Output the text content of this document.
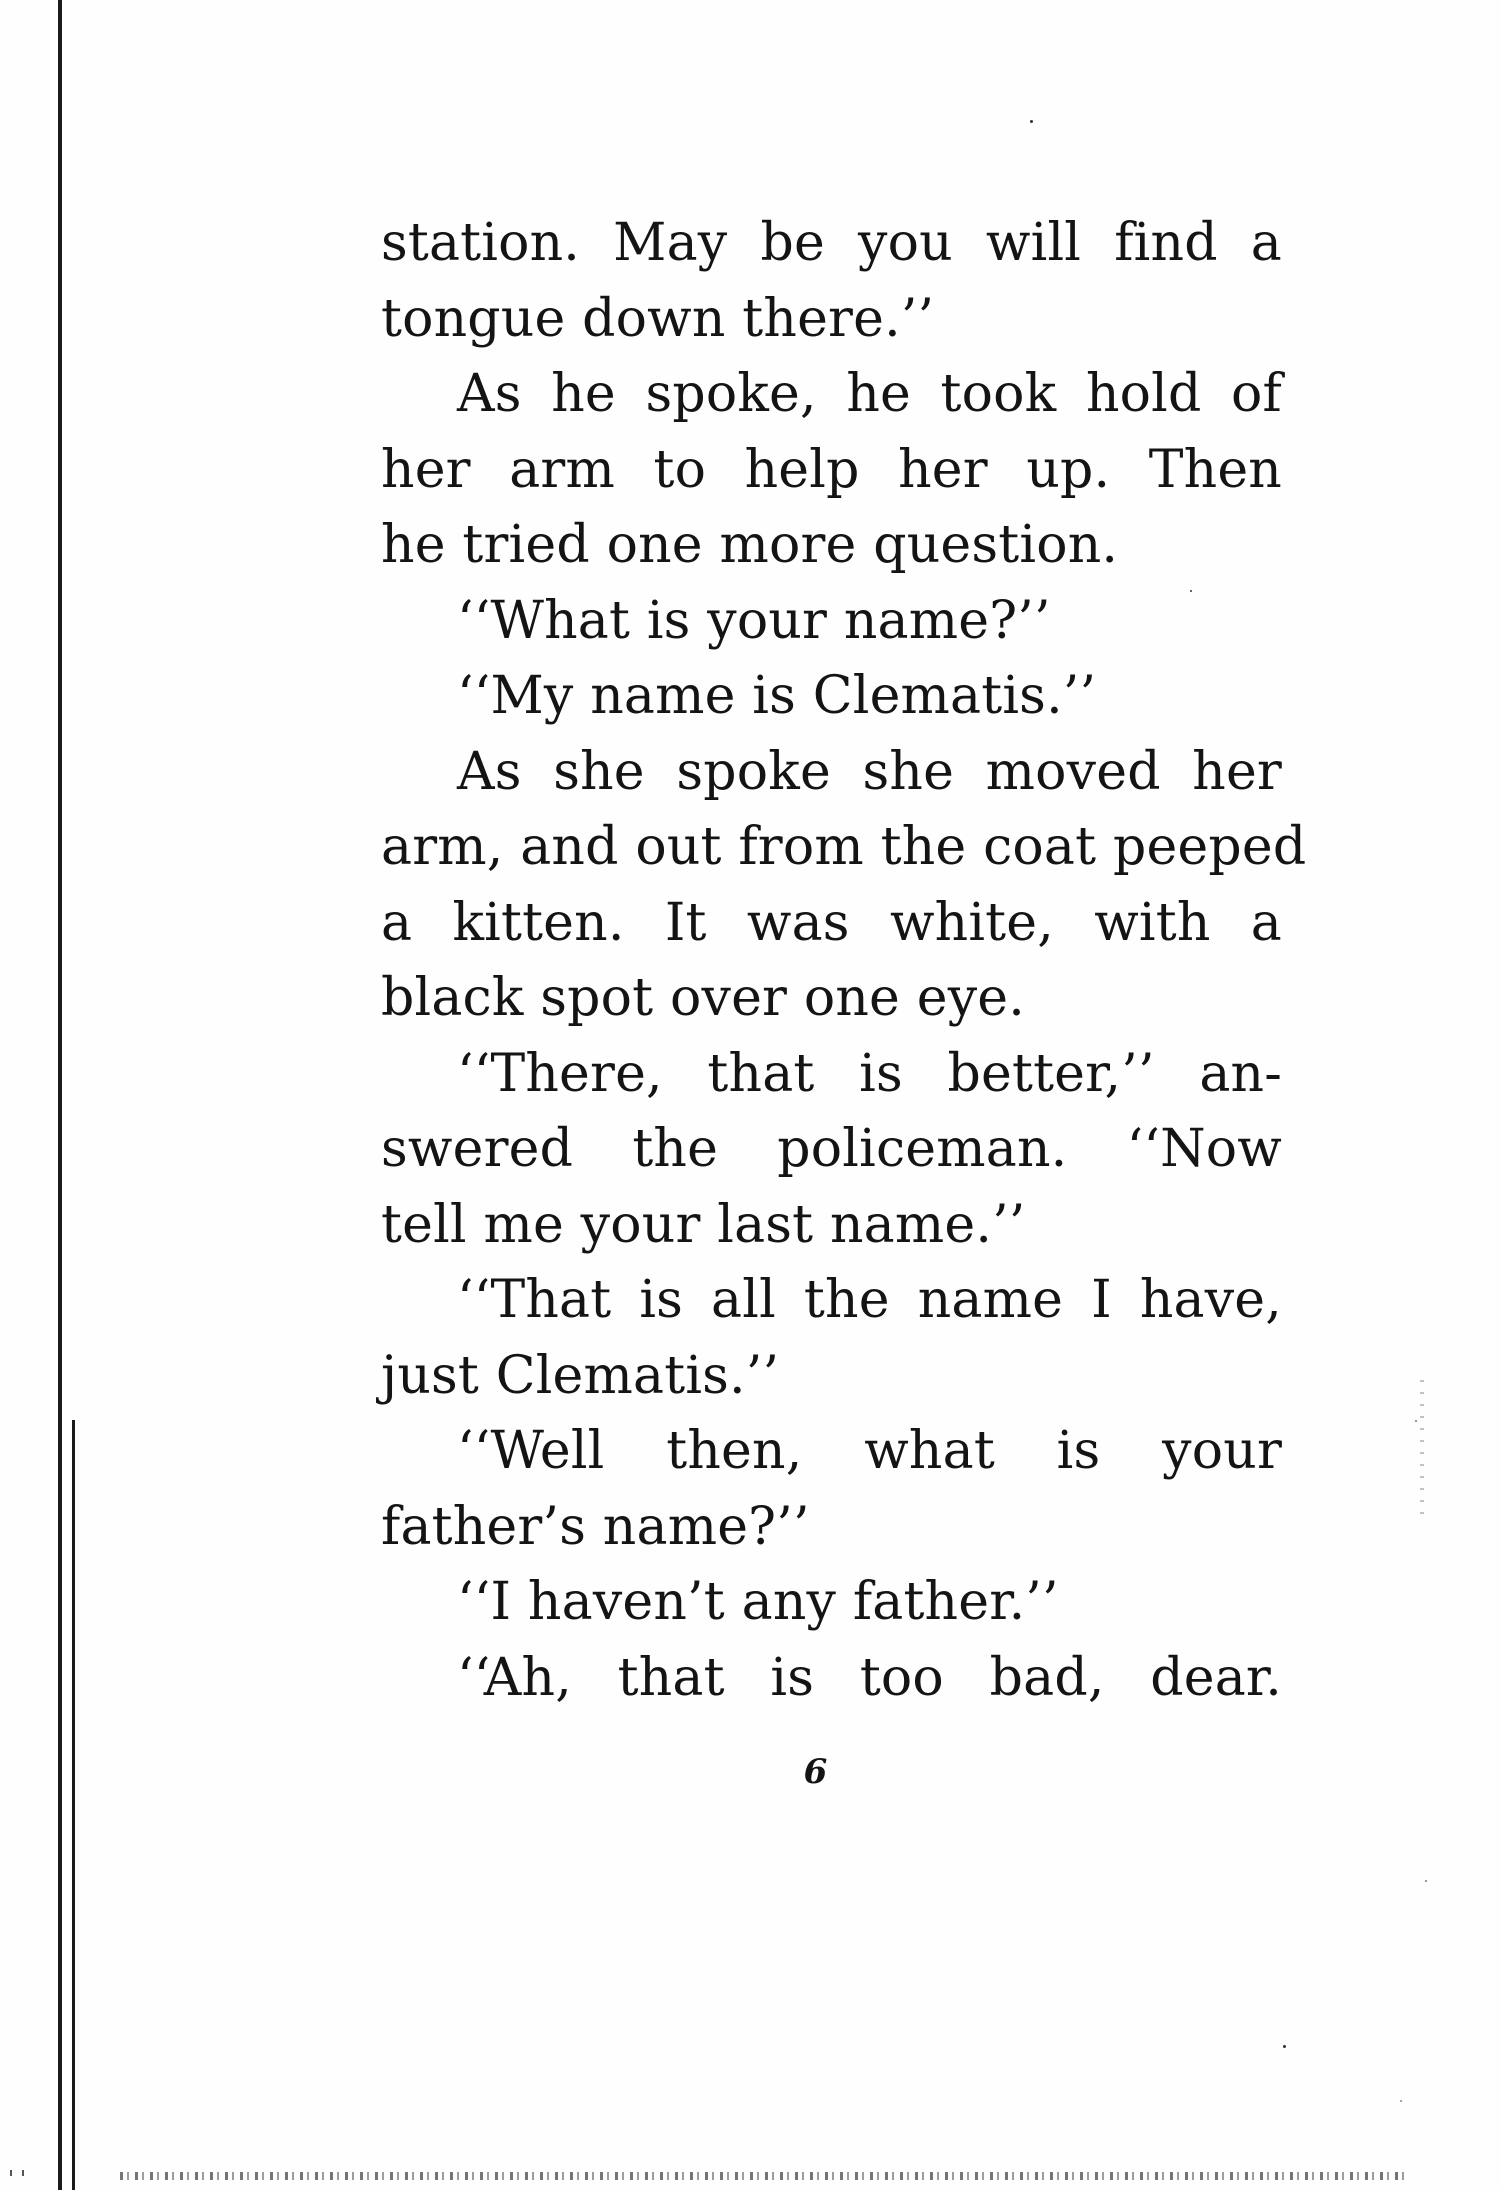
station. May be you will find a
tongue down there.’’
As he spoke, he took hold of
her arm to help her up. Then
he tried one more question.
‘‘What is your name?’’
‘‘My name is Clematis.’’
As she spoke she moved her
arm, and out from the coat peeped
a kitten. It was white, with a
black spot over one eye.
‘‘There, that is better,’’ an-
swered the policeman. ‘‘Now
tell me your last name.’’
‘‘That is all the name I have,
just Clematis.’’
‘‘Well then, what is your
father’s name?’’
‘‘I haven’t any father.’’
‘‘Ah, that is too bad, dear.
6
